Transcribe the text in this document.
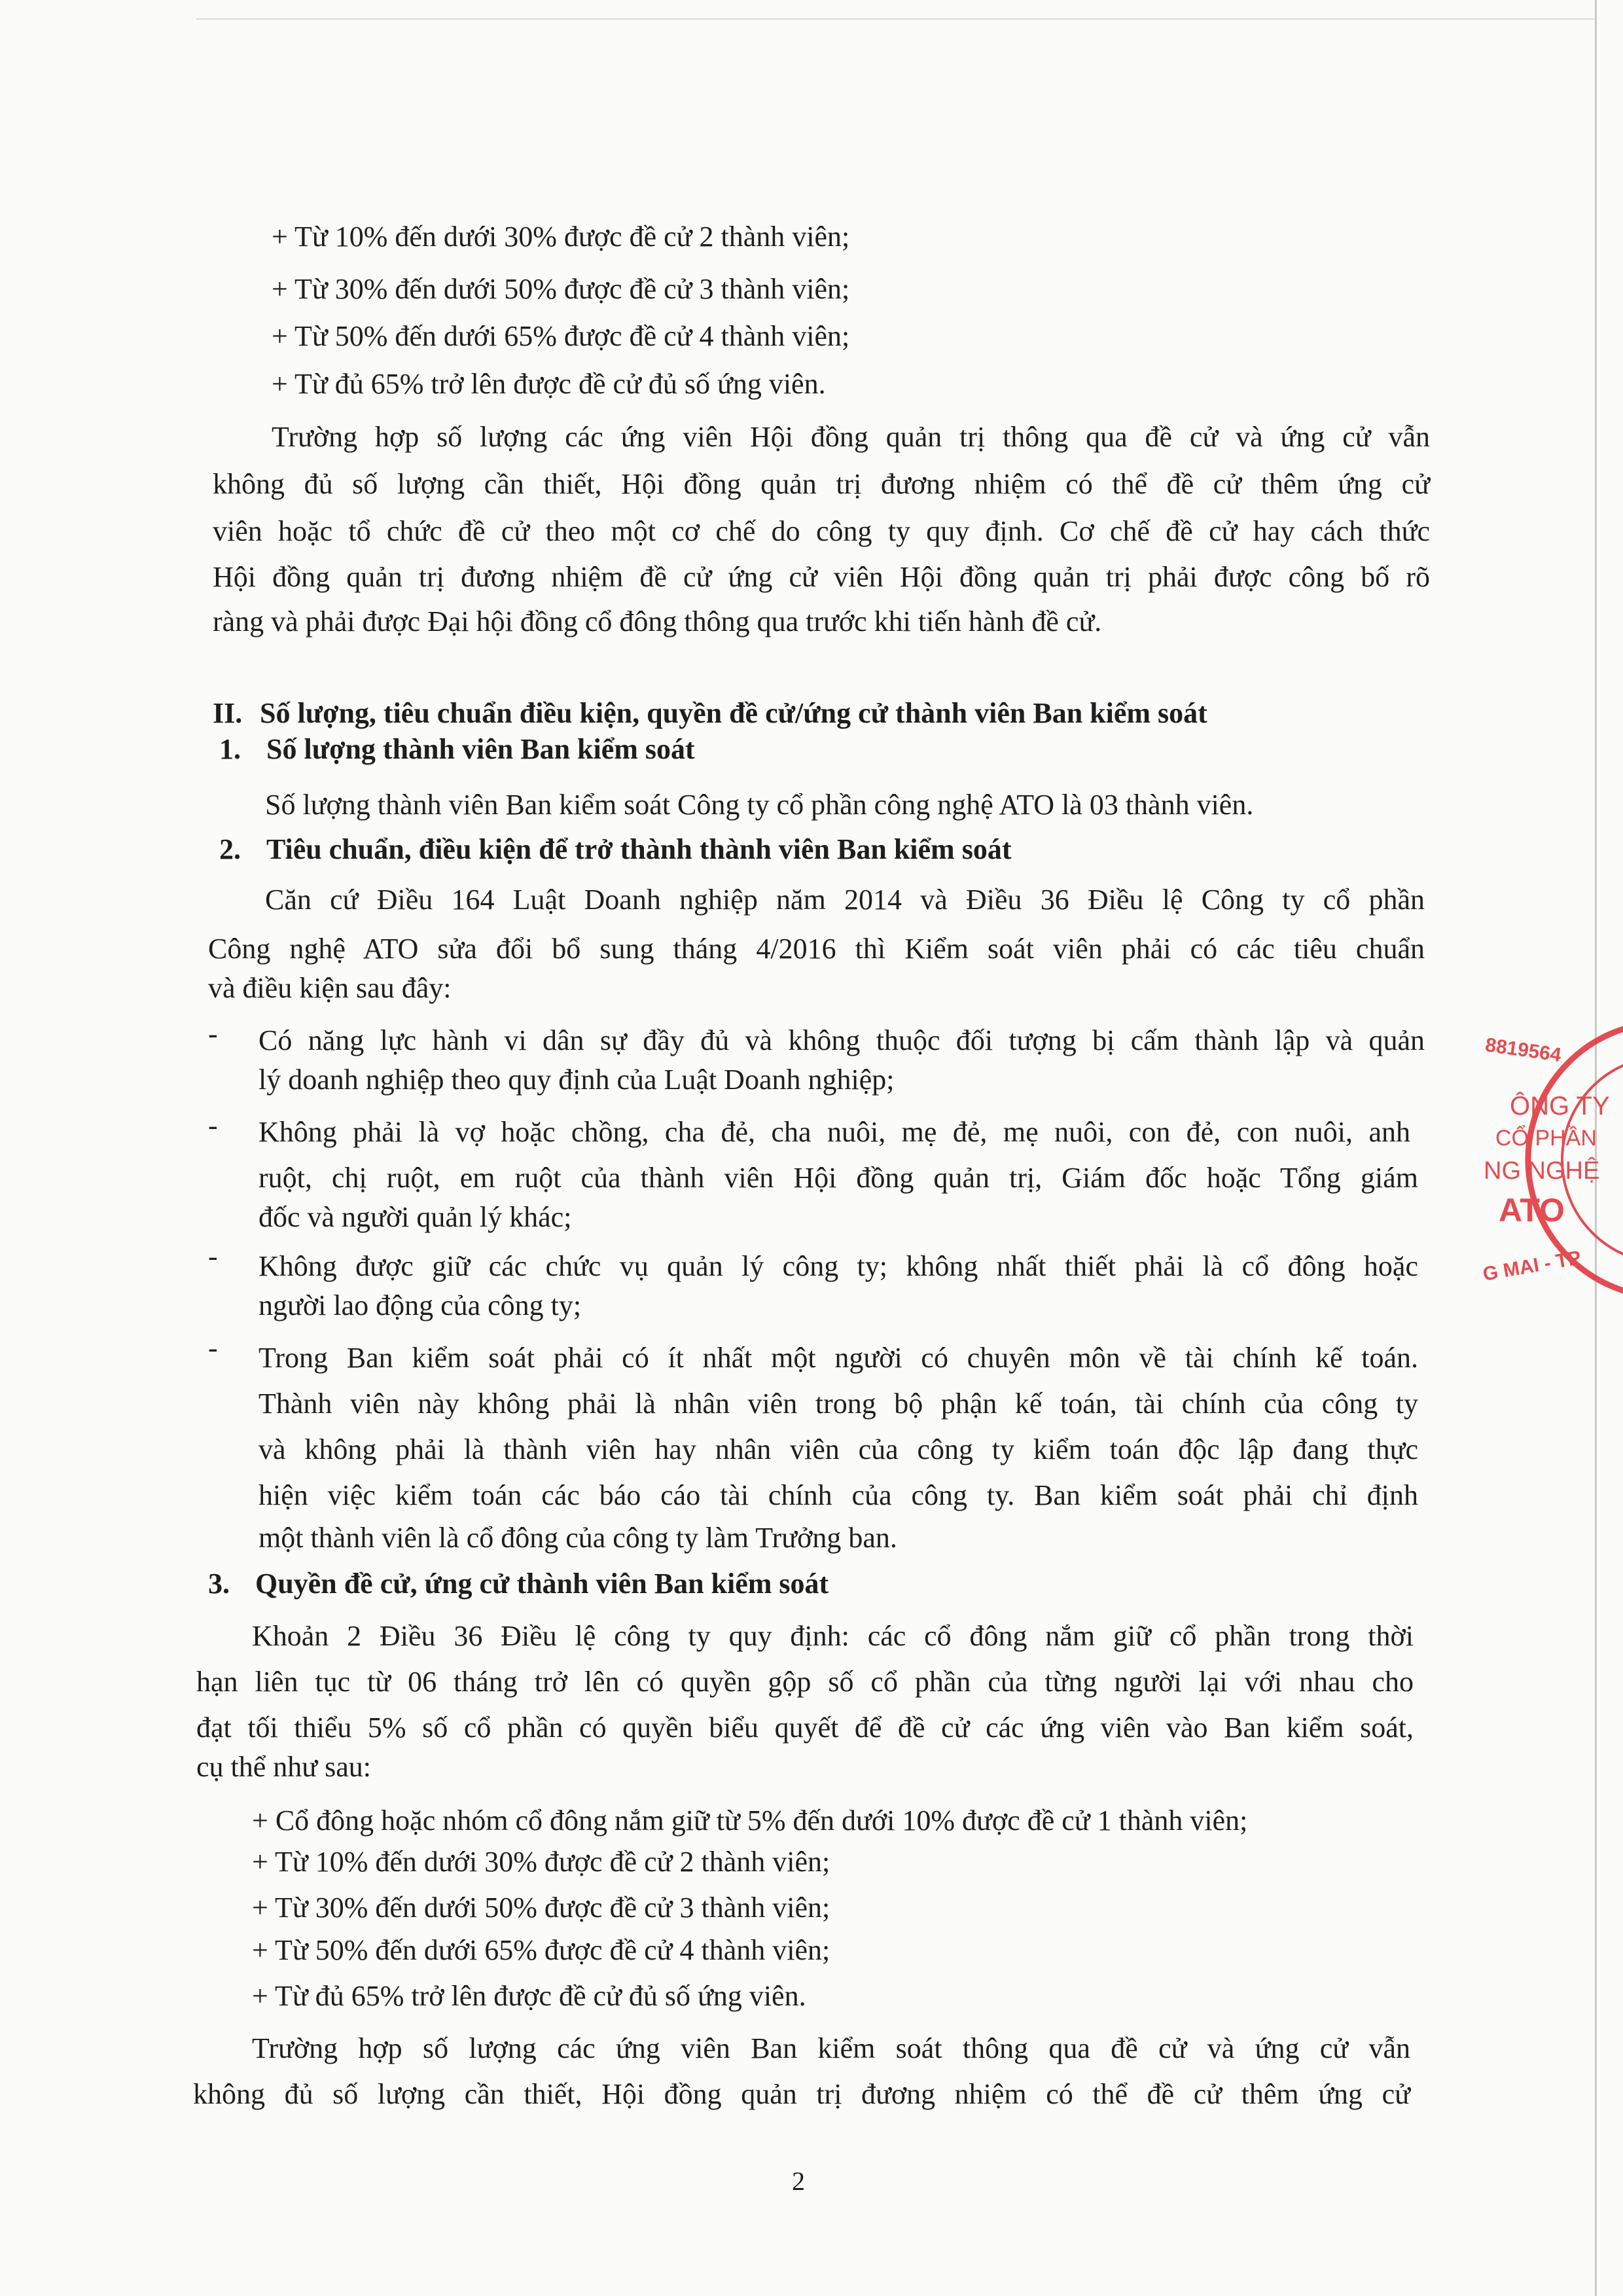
+ Từ 10% đến dưới 30% được đề cử 2 thành viên;
+ Từ 30% đến dưới 50% được đề cử 3 thành viên;
+ Từ 50% đến dưới 65% được đề cử 4 thành viên;
+ Từ đủ 65% trở lên được đề cử đủ số ứng viên.
Trường hợp số lượng các ứng viên Hội đồng quản trị thông qua đề cử và ứng cử vẫn
không đủ số lượng cần thiết, Hội đồng quản trị đương nhiệm có thể đề cử thêm ứng cử
viên hoặc tổ chức đề cử theo một cơ chế do công ty quy định. Cơ chế đề cử hay cách thức
Hội đồng quản trị đương nhiệm đề cử ứng cử viên Hội đồng quản trị phải được công bố rõ
ràng và phải được Đại hội đồng cổ đông thông qua trước khi tiến hành đề cử.
II. Số lượng, tiêu chuẩn điều kiện, quyền đề cử/ứng cử thành viên Ban kiểm soát
1. Số lượng thành viên Ban kiểm soát
Số lượng thành viên Ban kiểm soát Công ty cổ phần công nghệ ATO là 03 thành viên.
2. Tiêu chuẩn, điều kiện để trở thành thành viên Ban kiểm soát
Căn cứ Điều 164 Luật Doanh nghiệp năm 2014 và Điều 36 Điều lệ Công ty cổ phần
Công nghệ ATO sửa đổi bổ sung tháng 4/2016 thì Kiểm soát viên phải có các tiêu chuẩn
và điều kiện sau đây:
- Có năng lực hành vi dân sự đầy đủ và không thuộc đối tượng bị cấm thành lập và quản
lý doanh nghiệp theo quy định của Luật Doanh nghiệp;
- Không phải là vợ hoặc chồng, cha đẻ, cha nuôi, mẹ đẻ, mẹ nuôi, con đẻ, con nuôi, anh
ruột, chị ruột, em ruột của thành viên Hội đồng quản trị, Giám đốc hoặc Tổng giám
đốc và người quản lý khác;
- Không được giữ các chức vụ quản lý công ty; không nhất thiết phải là cổ đông hoặc
người lao động của công ty;
- Trong Ban kiểm soát phải có ít nhất một người có chuyên môn về tài chính kế toán.
Thành viên này không phải là nhân viên trong bộ phận kế toán, tài chính của công ty
và không phải là thành viên hay nhân viên của công ty kiểm toán độc lập đang thực
hiện việc kiểm toán các báo cáo tài chính của công ty. Ban kiểm soát phải chỉ định
một thành viên là cổ đông của công ty làm Trưởng ban.
3. Quyền đề cử, ứng cử thành viên Ban kiểm soát
Khoản 2 Điều 36 Điều lệ công ty quy định: các cổ đông nắm giữ cổ phần trong thời
hạn liên tục từ 06 tháng trở lên có quyền gộp số cổ phần của từng người lại với nhau cho
đạt tối thiểu 5% số cổ phần có quyền biểu quyết để đề cử các ứng viên vào Ban kiểm soát,
cụ thể như sau:
+ Cổ đông hoặc nhóm cổ đông nắm giữ từ 5% đến dưới 10% được đề cử 1 thành viên;
+ Từ 10% đến dưới 30% được đề cử 2 thành viên;
+ Từ 30% đến dưới 50% được đề cử 3 thành viên;
+ Từ 50% đến dưới 65% được đề cử 4 thành viên;
+ Từ đủ 65% trở lên được đề cử đủ số ứng viên.
Trường hợp số lượng các ứng viên Ban kiểm soát thông qua đề cử và ứng cử vẫn
không đủ số lượng cần thiết, Hội đồng quản trị đương nhiệm có thể đề cử thêm ứng cử
2
8819564
ÔNG TY
CỔ PHẦN
NG NGHỆ
ATO
G MAI - TP
